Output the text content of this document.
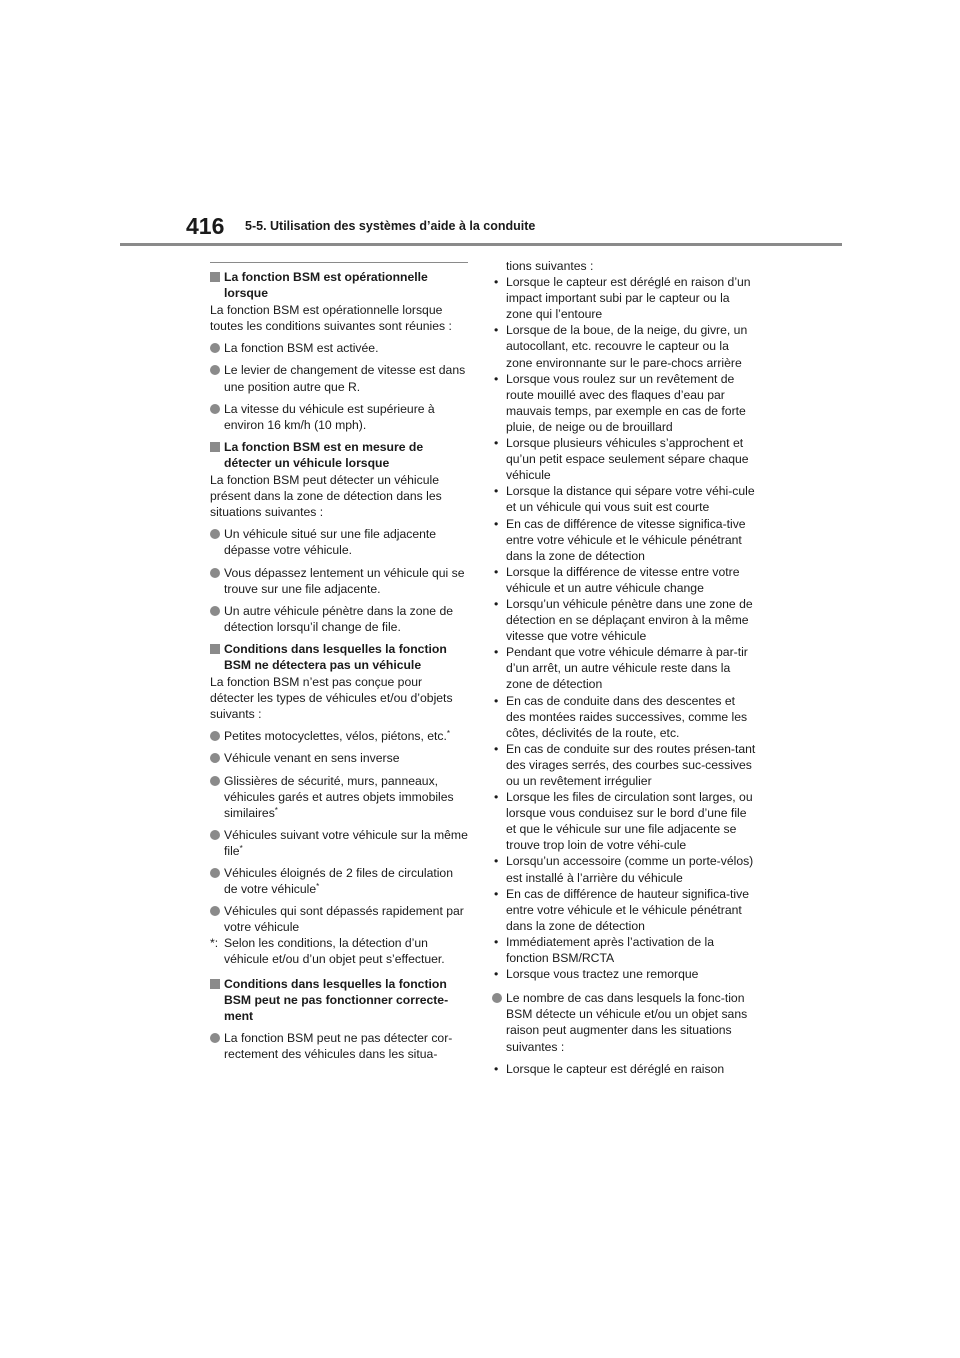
416 5-5. Utilisation des systèmes d’aide à la conduite
La fonction BSM est opérationnelle lorsque

La fonction BSM est opérationnelle lorsque toutes les conditions suivantes sont réunies :

La fonction BSM est activée.
Le levier de changement de vitesse est dans une position autre que R.
La vitesse du véhicule est supérieure à environ 16 km/h (10 mph).
La fonction BSM est en mesure de détecter un véhicule lorsque

La fonction BSM peut détecter un véhicule présent dans la zone de détection dans les situations suivantes :

Un véhicule situé sur une file adjacente dépasse votre véhicule.
Vous dépassez lentement un véhicule qui se trouve sur une file adjacente.
Un autre véhicule pénètre dans la zone de détection lorsqu’il change de file.
Conditions dans lesquelles la fonction BSM ne détectera pas un véhicule

La fonction BSM n’est pas conçue pour détecter les types de véhicules et/ou d’objets suivants :

Petites motocyclettes, vélos, piétons, etc.*
Véhicule venant en sens inverse
Glissières de sécurité, murs, panneaux, véhicules garés et autres objets immobiles similaires*
Véhicules suivant votre véhicule sur la même file*
Véhicules éloignés de 2 files de circulation de votre véhicule*
Véhicules qui sont dépassés rapidement par votre véhicule
*: Selon les conditions, la détection d’un véhicule et/ou d’un objet peut s’effectuer.
Conditions dans lesquelles la fonction BSM peut ne pas fonctionner correcte-ment
La fonction BSM peut ne pas détecter cor-rectement des véhicules dans les situa-
tions suivantes :
• Lorsque le capteur est déréglé en raison d’un impact important subi par le capteur ou la zone qui l’entoure
• Lorsque de la boue, de la neige, du givre, un autocollant, etc. recouvre le capteur ou la zone environnante sur le pare-chocs arrière
• Lorsque vous roulez sur un revêtement de route mouillé avec des flaques d’eau par mauvais temps, par exemple en cas de forte pluie, de neige ou de brouillard
• Lorsque plusieurs véhicules s’approchent et qu’un petit espace seulement sépare chaque véhicule
• Lorsque la distance qui sépare votre véhi-cule et un véhicule qui vous suit est courte
• En cas de différence de vitesse significa-tive entre votre véhicule et le véhicule pénétrant dans la zone de détection
• Lorsque la différence de vitesse entre votre véhicule et un autre véhicule change
• Lorsqu’un véhicule pénètre dans une zone de détection en se déplaçant environ à la même vitesse que votre véhicule
• Pendant que votre véhicule démarre à par-tir d’un arrêt, un autre véhicule reste dans la zone de détection
• En cas de conduite dans des descentes et des montées raides successives, comme les côtes, déclivités de la route, etc.
• En cas de conduite sur des routes présen-tant des virages serrés, des courbes suc-cessives ou un revêtement irrégulier
• Lorsque les files de circulation sont larges, ou lorsque vous conduisez sur le bord d’une file et que le véhicule sur une file adjacente se trouve trop loin de votre véhi-cule
• Lorsqu’un accessoire (comme un porte-vélos) est installé à l’arrière du véhicule
• En cas de différence de hauteur significa-tive entre votre véhicule et le véhicule pénétrant dans la zone de détection
• Immédiatement après l’activation de la fonction BSM/RCTA
• Lorsque vous tractez une remorque
Le nombre de cas dans lesquels la fonc-tion BSM détecte un véhicule et/ou un objet sans raison peut augmenter dans les situations suivantes :
• Lorsque le capteur est déréglé en raison
